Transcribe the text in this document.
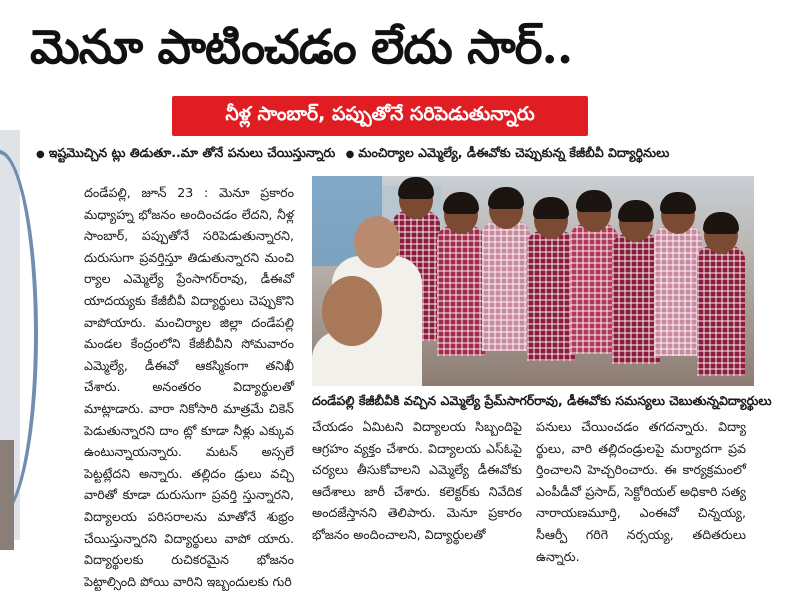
మెనూ పాటించడం లేదు సార్..
నీళ్ల సాంబార్, పప్పుతోనే సరిపెడుతున్నారు
● ఇష్టమొచ్చిన ట్లు తిడుతూ..మా తోనే పనులు చేయిస్తున్నారు ● మంచిర్యాల ఎమ్మెల్యే, డీఈవోకు చెప్పుకున్న కేజీబీవీ విద్యార్థినులు
దండేపల్లి, జూన్ 23 : మెనూ ప్రకారం మధ్యాహ్న భోజనం అందించడం లేదని, నీళ్ల సాంబార్, పప్పుతోనే సరిపెడుతున్నారని, దురుసుగా ప్రవర్తిస్తూ తిడుతున్నారని మంచి ర్యాల ఎమ్మెల్యే ప్రేంసాగర్‌రావు, డీఈవో యాదయ్యకు కేజీబీవీ విద్యార్థులు చెప్పుకొని వాపోయారు. మంచిర్యాల జిల్లా దండేపల్లి మండల కేంద్రంలోని కేజీబీవీని సోమవారం ఎమ్మెల్యే, డీఈవో ఆకస్మికంగా తనిఖీ చేశారు. అనంతరం విద్యార్థులతో మాట్లాడారు. వారా నికోసారి మాత్రమే చికెన్ పెడుతున్నారని దాం ట్లో కూడా నీళ్లు ఎక్కువ ఉంటున్నాయన్నారు. మటన్ అస్సలే పెట్టట్లేదని అన్నారు. తల్లిదం డ్రులు వచ్చి వారితో కూడా దురుసుగా ప్రవర్తి స్తున్నారని, విద్యాలయ పరిసరాలను మాతోనే శుభ్రం చేయిస్తున్నారని విద్యార్థులు వాపో యారు. విద్యార్థులకు రుచికరమైన భోజనం పెట్టాల్సింది పోయి వారిని ఇబ్బందులకు గురి
దండేపల్లి కేజీబీవీకి వచ్చిన ఎమ్మెల్యే ప్రేమ్‌సాగర్‌రావు, డీఈవోకు సమస్యలు చెబుతున్నవిద్యార్థులు
చేయడం ఏమిటని విద్యాలయ సిబ్బందిపై ఆగ్రహం వ్యక్తం చేశారు. విద్యాలయ ఎస్‌ఓపై చర్యలు తీసుకోవాలని ఎమ్మెల్యే డీఈవోకు ఆదేశాలు జారీ చేశారు. కలెక్టర్‌కు నివేదిక అందజేస్తానని తెలిపారు. మెనూ ప్రకారం భోజనం అందించాలని, విద్యార్థులతో
పనులు చేయించడం తగదన్నారు. విద్యా ర్థులు, వారి తల్లిదండ్రులపై మర్యాదగా ప్రవ ర్తించాలని హెచ్చరించారు. ఈ కార్యక్రమంలో ఎంపీడీవో ప్రసాద్, సెక్టోరియల్ అధికారి సత్య నారాయణమూర్తి, ఎంఈవో చిన్నయ్య, సీఆర్పీ గరిగె నర్సయ్య, తదితరులు ఉన్నారు.
